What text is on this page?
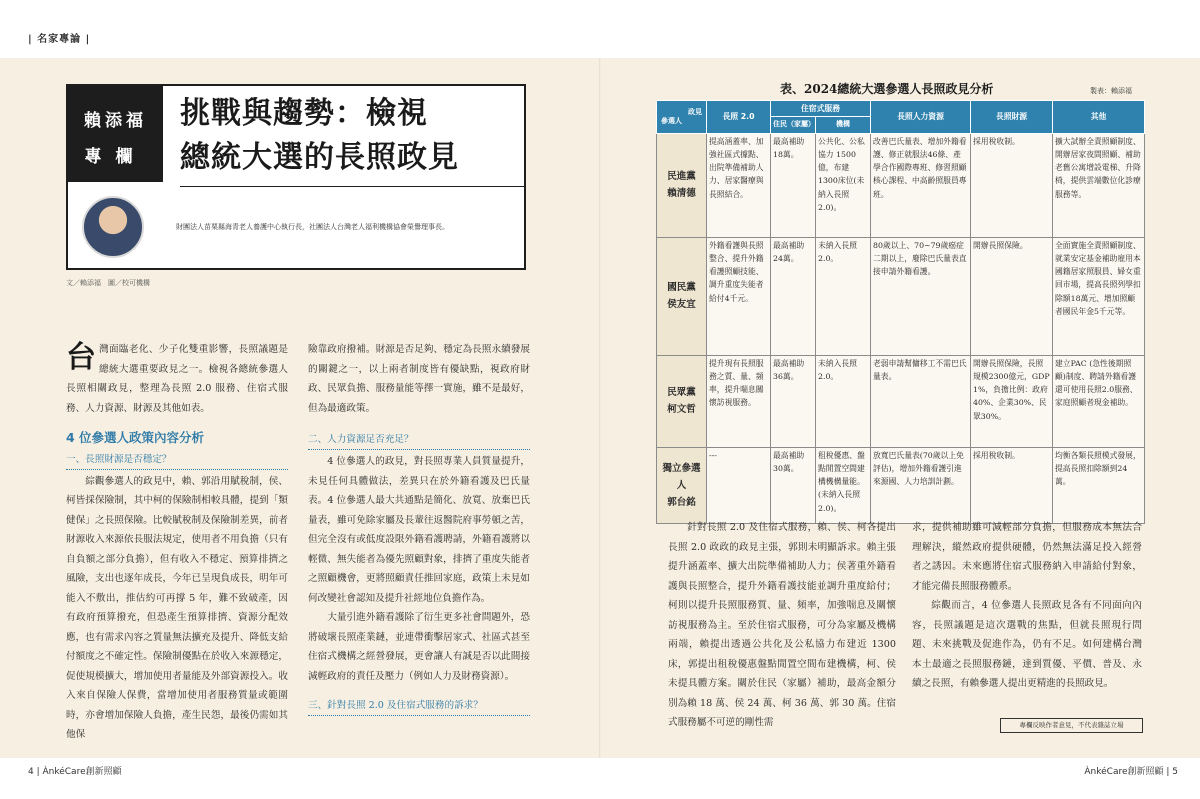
| 名家專論 |
賴添福
專欄
挑戰與趨勢：檢視
總統大選的長照政見
財團法人苗栗縣海青老人養護中心執行長，社團法人台灣老人福利機構協會榮譽理事長。
文／賴添福　圖／校可機構

台灣面臨老化、少子化雙重影響，長照議題是總統大選重要政見之一。檢視各總統參選人長照相關政見，整理為長照 2.0 服務、住宿式服務、人力資源、財源及其他如表。

4 位參選人政策內容分析
一、長照財源是否穩定？

綜觀參選人的政見中，賴、郭沿用賦稅制，侯、柯皆採保險制，其中柯的保險制相較具體，提到「類健保」之長照保險。比較賦稅制及保險制差異，前者財源收入來源依長服法規定，使用者不用負擔（只有自負額之部分負擔），但有收入不穩定、預算排擠之風險，支出也逐年成長，今年已呈現負成長，明年可能入不敷出，推估約可再撐 5 年，難不致破產，因有政府預算撥充，但恐產生預算排擠、資源分配效應，也有需求內容之質量無法擴充及提升、降低支給付額度之不確定性。保險制優點在於收入來源穩定，促使規模擴大，增加使用者量能及外部資源投入。收入來自保險人保費，當增加使用者服務質量或範圍時，亦會增加保險人負擔，產生民怨，最後仍需如其他保

險靠政府撥補。財源是否足夠、穩定為長照永續發展的關鍵之一，以上兩者制度皆有優缺點，視政府財政、民眾負擔、服務量能等擇一實施，雖不是最好，但為最適政策。

二、人力資源足否充足？

4 位參選人的政見，對長照專業人員質量提升，未見任何具體做法，差異只在於外籍看護及巴氏量表。4 位參選人最大共通點是簡化、放寬、放棄巴氏量表，雖可免除家屬及長輩往返醫院府事勞頓之苦，但完全沒有或低度設限外籍看護聘請，外籍看護將以輕微、無失能者為優先照顧對象，排擠了重度失能者之照顧機會，更將照顧責任推回家庭，政策上未見如何改變社會認知及提升社經地位負擔作為。

大量引進外籍看護除了衍生更多社會問題外，恐將破壞長照產業鏈，並連帶衝擊居家式、社區式甚至住宿式機構之經營發展，更會讓人有誠是否以此間接減輕政府的責任及壓力（例如人力及財務資源）。

三、針對長照 2.0 及住宿式服務的訴求？
表、2024總統大選參選人長照政見分析	製表：賴添福
政見
參選人	長照 2.0	住宿式服務		長照人力資源	長照財源	其他
		住民（家屬）	機構			
民進黨
賴清德	提高涵蓋率、加強社區式據點、出院準備補助人力、居家醫療與長照結合。	最高補助 18萬。	公共化、公私協力 1500 億，布建 1300床位(未納入長照 2.0)。	改善巴氏量表、增加外籍看護、修正就服法46條、產學合作國際專班、修習照顧核心課程、中高齡照服員專班。	採用稅收制。	擴大試辦全責照顧制度、開辦居家夜間照顧、補助老舊公寓增設電梯、升降椅，提供雲端數位化診療服務等。
國民黨
侯友宜	外籍看護與長照整合、提升外籍看護照顧技能、調升重度失能者給付4千元。	最高補助 24萬。	未納入長照 2.0。	80歲以上、70~79歲癌症二期以上，廢除巴氏量表直接申請外籍看護。	開辦長照保險。	全面實施全責照顧制度、就業安定基金補助雇用本國籍居家照服員、婦女重回市場，提高長照列學扣除額18萬元、增加照顧者國民年金5千元等。
民眾黨
柯文哲	提升現有長照服務之質、量、頻率，提升喘息關懷訪視服務。	最高補助 36萬。	未納入長照 2.0。	老弱申請幫傭移工不需巴氏量表。	開辦長照保險，長照規模2300億元，GDP 1%，負擔比例：政府40%、企業30%、民眾30%。	建立PAC (急性後期照顧)制度、聘請外籍看護還可使用長照2.0服務、家庭照顧者現金補助。
獨立參選人
郭台銘	---	最高補助 30萬。	租稅優惠、盤點閒置空間建構機構量能。(未納入長照2.0)。	放寬巴氏量表(70歲以上免評估)，增加外籍看護引進來源國、人力培訓計劃。	採用稅收制。	均衡各類長照模式發展，提高長照扣除額到24萬。

針對長照 2.0 及住宿式服務，賴、侯、柯各提出長照 2.0 政政的政見主張，郭則未明顯訴求。賴主張提升涵蓋率、擴大出院準備補助人力；侯著重外籍看護與長照整合，提升外籍看護技能並調升重度給付；柯則以提升長照服務質、量、頻率，加強喘息及關懷訪視服務為主。至於住宿式服務，可分為家屬及機構兩端，賴提出透過公共化及公私協力布建近 1300 床，郭提出租稅優惠盤點閒置空間布建機構，柯、侯未提具體方案。關於住民（家屬）補助，最高金額分別為賴 18 萬、侯 24 萬、柯 36 萬、郭 30 萬。住宿式服務屬不可逆的剛性需

求，提供補助雖可減輕部分負擔，但服務成本無法合理解決，縱然政府提供硬體，仍然無法滿足投入經營者之誘因。未來應將住宿式服務納入申請給付對象，才能完備長照服務體系。

綜觀而言，4 位參選人長照政見各有不同面向內容，長照議題是這次選戰的焦點，但就長照現行問題、未來挑戰及促進作為，仍有不足。如何建構台灣本土最適之長照服務鏈，達到質優、平價、普及、永續之長照，有賴參選人提出更精進的長照政見。

專欄反映作者意見，不代表雜誌立場
4 | ÀnkéCare創新照顧	ÀnkéCare創新照顧 | 5
